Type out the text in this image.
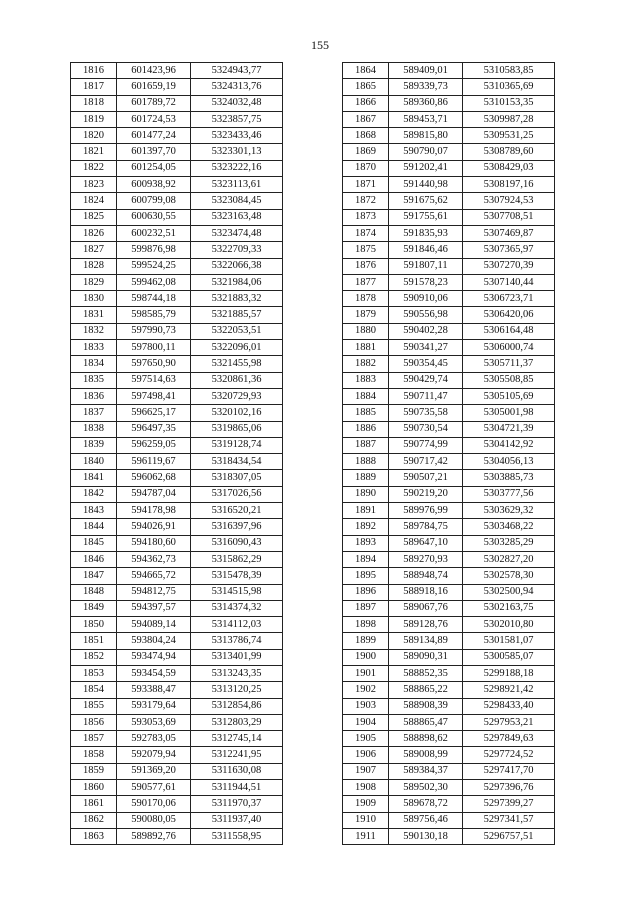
155
1816	601423,96	5324943,77
1817	601659,19	5324313,76
1818	601789,72	5324032,48
1819	601724,53	5323857,75
1820	601477,24	5323433,46
1821	601397,70	5323301,13
1822	601254,05	5323222,16
1823	600938,92	5323113,61
1824	600799,08	5323084,45
1825	600630,55	5323163,48
1826	600232,51	5323474,48
1827	599876,98	5322709,33
1828	599524,25	5322066,38
1829	599462,08	5321984,06
1830	598744,18	5321883,32
1831	598585,79	5321885,57
1832	597990,73	5322053,51
1833	597800,11	5322096,01
1834	597650,90	5321455,98
1835	597514,63	5320861,36
1836	597498,41	5320729,93
1837	596625,17	5320102,16
1838	596497,35	5319865,06
1839	596259,05	5319128,74
1840	596119,67	5318434,54
1841	596062,68	5318307,05
1842	594787,04	5317026,56
1843	594178,98	5316520,21
1844	594026,91	5316397,96
1845	594180,60	5316090,43
1846	594362,73	5315862,29
1847	594665,72	5315478,39
1848	594812,75	5314515,98
1849	594397,57	5314374,32
1850	594089,14	5314112,03
1851	593804,24	5313786,74
1852	593474,94	5313401,99
1853	593454,59	5313243,35
1854	593388,47	5313120,25
1855	593179,64	5312854,86
1856	593053,69	5312803,29
1857	592783,05	5312745,14
1858	592079,94	5312241,95
1859	591369,20	5311630,08
1860	590577,61	5311944,51
1861	590170,06	5311970,37
1862	590080,05	5311937,40
1863	589892,76	5311558,95
1864	589409,01	5310583,85
1865	589339,73	5310365,69
1866	589360,86	5310153,35
1867	589453,71	5309987,28
1868	589815,80	5309531,25
1869	590790,07	5308789,60
1870	591202,41	5308429,03
1871	591440,98	5308197,16
1872	591675,62	5307924,53
1873	591755,61	5307708,51
1874	591835,93	5307469,87
1875	591846,46	5307365,97
1876	591807,11	5307270,39
1877	591578,23	5307140,44
1878	590910,06	5306723,71
1879	590556,98	5306420,06
1880	590402,28	5306164,48
1881	590341,27	5306000,74
1882	590354,45	5305711,37
1883	590429,74	5305508,85
1884	590711,47	5305105,69
1885	590735,58	5305001,98
1886	590730,54	5304721,39
1887	590774,99	5304142,92
1888	590717,42	5304056,13
1889	590507,21	5303885,73
1890	590219,20	5303777,56
1891	589976,99	5303629,32
1892	589784,75	5303468,22
1893	589647,10	5303285,29
1894	589270,93	5302827,20
1895	588948,74	5302578,30
1896	588918,16	5302500,94
1897	589067,76	5302163,75
1898	589128,76	5302010,80
1899	589134,89	5301581,07
1900	589090,31	5300585,07
1901	588852,35	5299188,18
1902	588865,22	5298921,42
1903	588908,39	5298433,40
1904	588865,47	5297953,21
1905	588898,62	5297849,63
1906	589008,99	5297724,52
1907	589384,37	5297417,70
1908	589502,30	5297396,76
1909	589678,72	5297399,27
1910	589756,46	5297341,57
1911	590130,18	5296757,51
